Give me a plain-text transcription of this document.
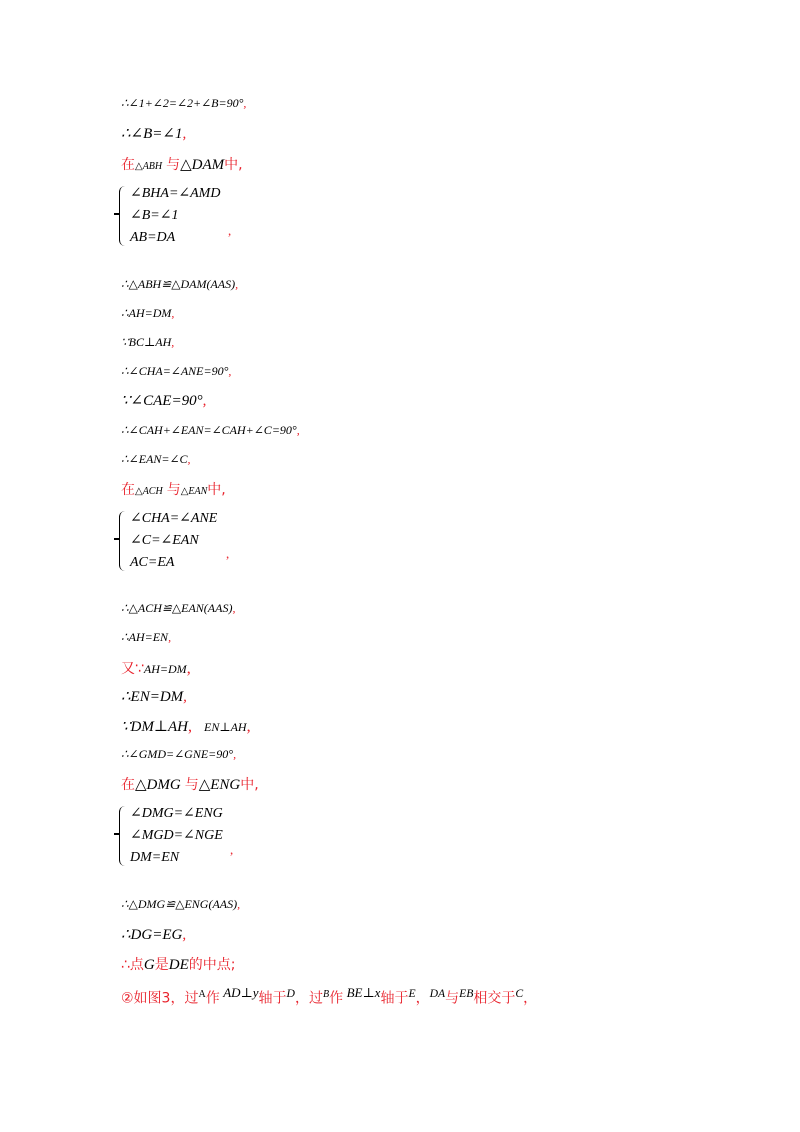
∴∠1+∠2=∠2+∠B=90°,
∴∠B=∠1,
在△ABH 与△DAM中,
∠BHA=∠AMD
∠B=∠1
AB=DA	,
∴△ABH≌△DAM(AAS),
∴AH=DM,
∵BC⊥AH,
∴∠CHA=∠ANE=90°,
∵∠CAE=90°,
∴∠CAH+∠EAN=∠CAH+∠C=90°,
∴∠EAN=∠C,
在△ACH 与△EAN中,
∠CHA=∠ANE
∠C=∠EAN
AC=EA
,
∴△ACH≌△EAN(AAS),
∴AH=EN,
又∵AH=DM,
∴EN=DM,
∵DM⊥AH, EN⊥AH,
∴∠GMD=∠GNE=90°,
在△DMG 与△ENG中,
∠DMG=∠ENG
∠MGD=∠NGE
DM=EN
,
∴△DMG≌△ENG(AAS),
∴DG=EG,
∴点G是DE的中点;
②如图3，过$^A$作 $^{AD\perp y}$轴于$^D$，过$^B$作 $^{BE\perp x}$轴于$^E$，$^{DA}$与$^{EB}$相交于$^C$，
